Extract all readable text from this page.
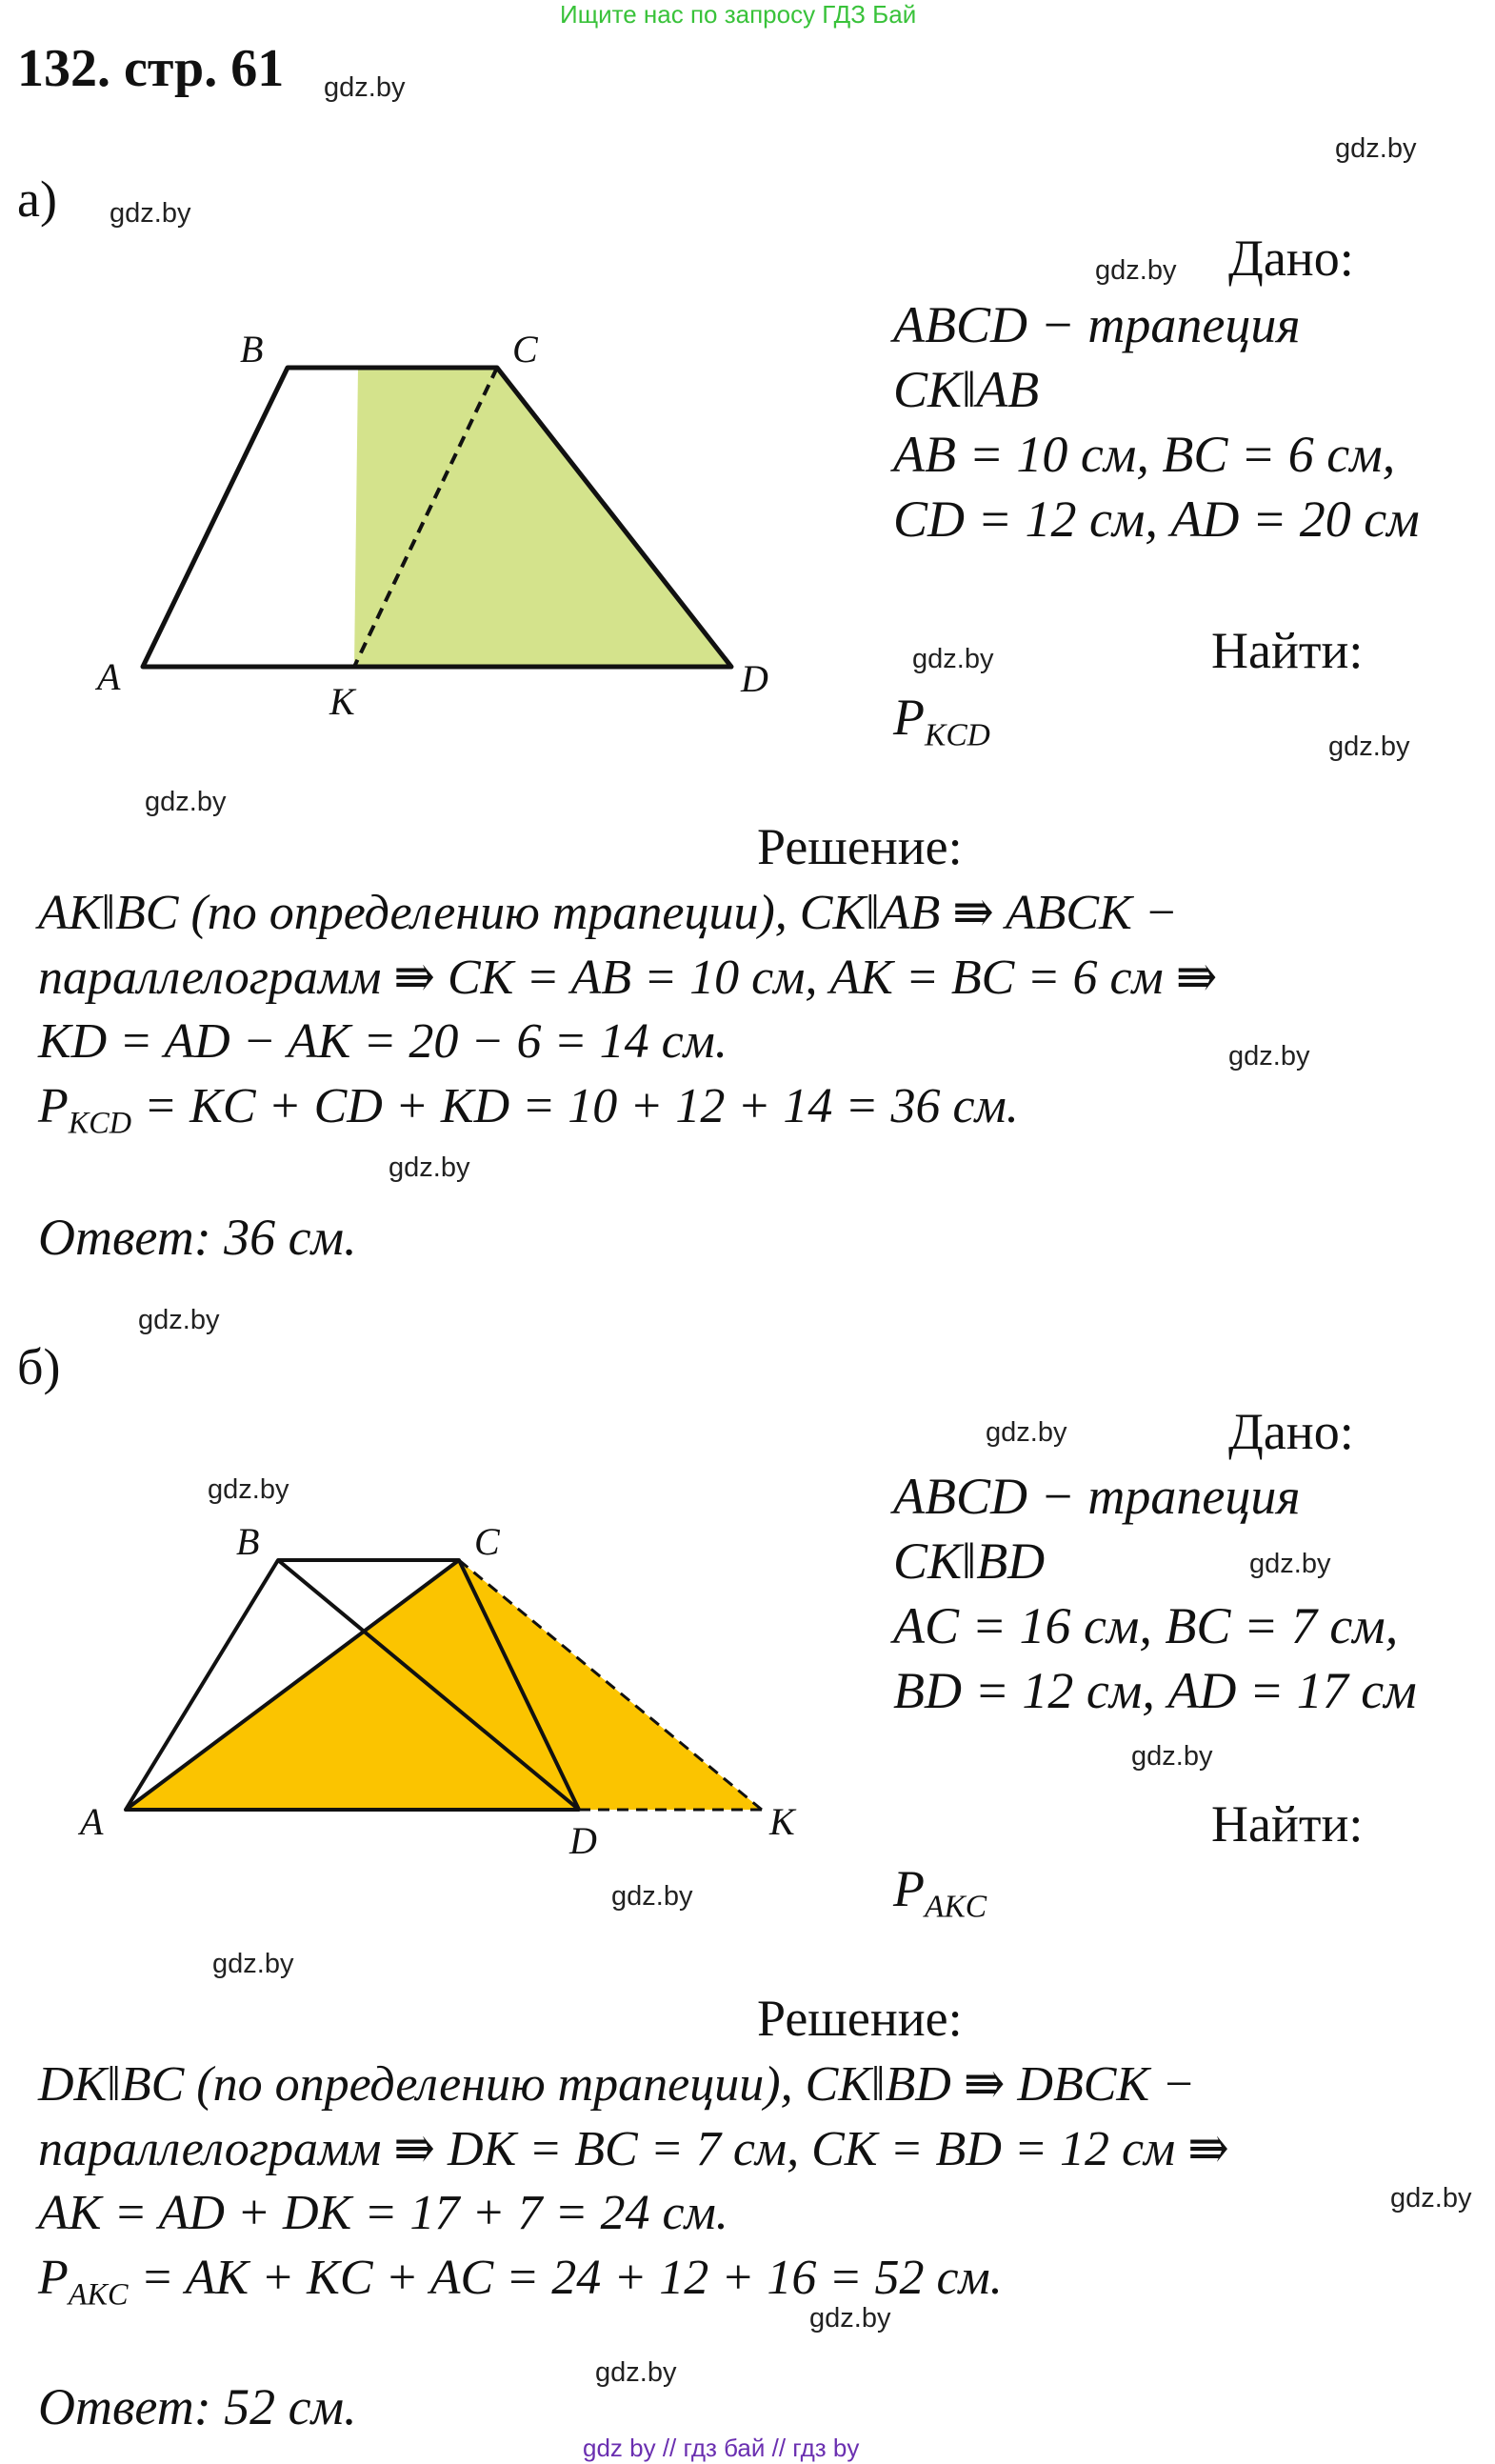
Ищите нас по запросу ГДЗ Бай
132. стр. 61 gdz.by
gdz.by
gdz.by
gdz.by
gdz.by
gdz.by
gdz.by
gdz.by
gdz.by
gdz.by
gdz.by
gdz.by
gdz.by
gdz.by
gdz.by
gdz.by
gdz.by
gdz.by
gdz.by
а)
B	C
A
K
D
Дано:
ABCD − трапеция
CK‖AB
AB = 10 см, BC = 6 см,
CD = 12 см, AD = 20 см
Найти:
$P_{KCD}$
Решение:
AK‖BC (по определению трапеции), CK‖AB ⇛ ABCK −
параллелограмм ⇛ CK = AB = 10 см, AK = BC = 6 см ⇛
KD = AD − AK = 20 − 6 = 14 см.
$P_{KCD}$ = KC + CD + KD = 10 + 12 + 14 = 36 см.
Ответ: 36 см.
б)
B	C
A	D	K
Дано:
ABCD − трапеция
CK‖BD
AC = 16 см, BC = 7 см,
BD = 12 см, AD = 17 см
Найти:
$P_{AKC}$
Решение:
DK‖BC (по определению трапеции), CK‖BD ⇛ DBCK −
параллелограмм ⇛ DK = BC = 7 см, CK = BD = 12 см ⇛
AK = AD + DK = 17 + 7 = 24 см.
$P_{AKC}$ = AK + KC + AC = 24 + 12 + 16 = 52 см.
Ответ: 52 см.
gdz by // гдз бай // гдз by
